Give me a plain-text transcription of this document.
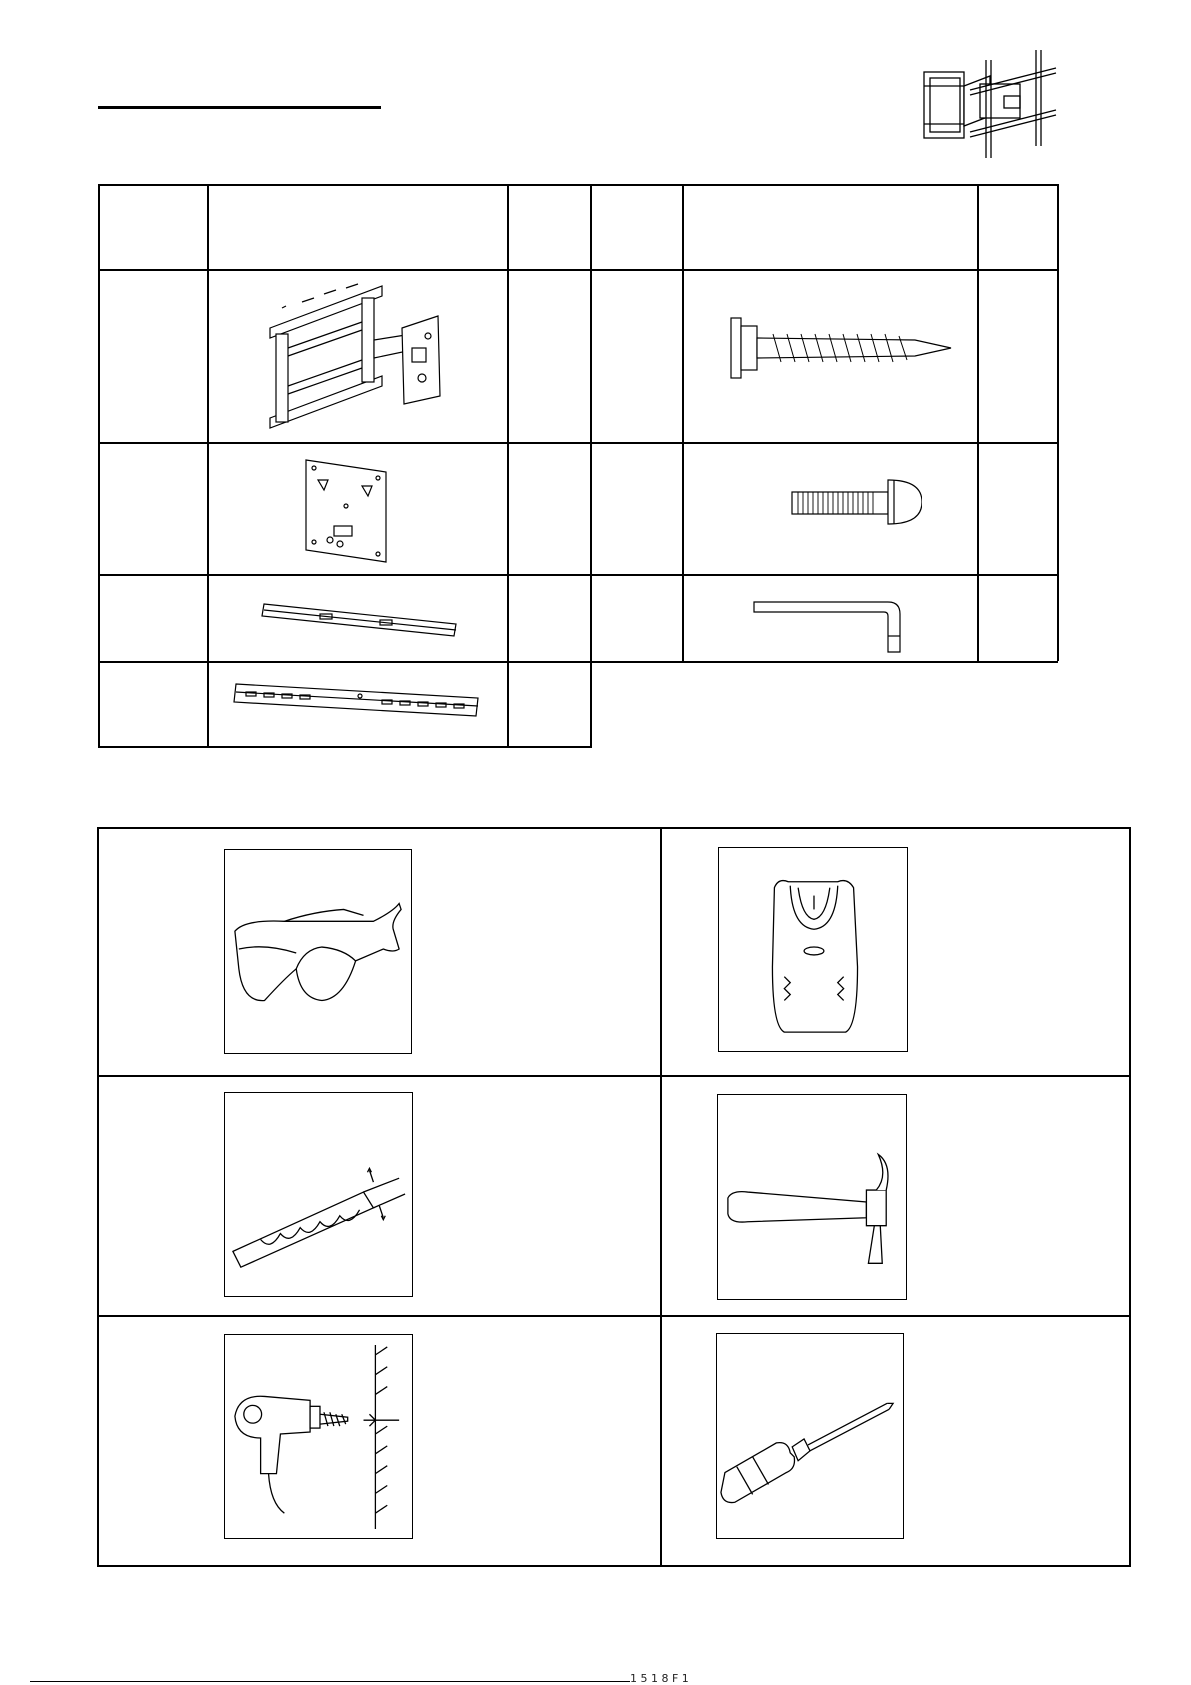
1 5 1 8 F 1
